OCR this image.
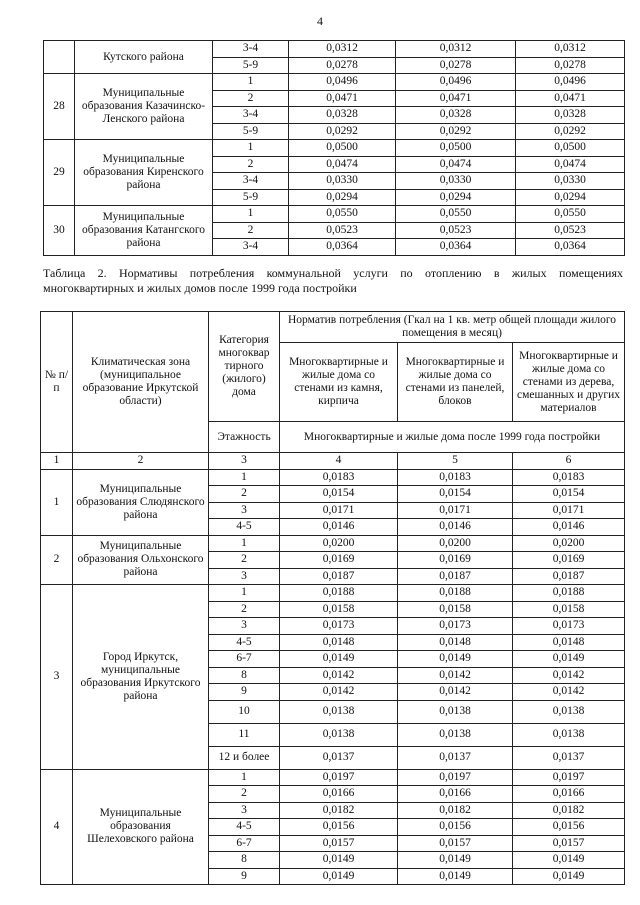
4
	Кутского района	3-4	0,0312	0,0312	0,0312
		5-9	0,0278	0,0278	0,0278
28	Муниципальные образования Казачинско-Ленского района	1	0,0496	0,0496	0,0496
		2	0,0471	0,0471	0,0471
		3-4	0,0328	0,0328	0,0328
		5-9	0,0292	0,0292	0,0292
29	Муниципальные образования Киренского района	1	0,0500	0,0500	0,0500
		2	0,0474	0,0474	0,0474
		3-4	0,0330	0,0330	0,0330
		5-9	0,0294	0,0294	0,0294
30	Муниципальные образования Катангского района	1	0,0550	0,0550	0,0550
		2	0,0523	0,0523	0,0523
		3-4	0,0364	0,0364	0,0364
Таблица 2. Нормативы потребления коммунальной услуги по отоплению в жилых помещениях многоквартирных и жилых домов после 1999 года постройки
№ п/п	Климатическая зона (муниципальное образование Иркутской области)	Категория многоквар тирного (жилого) дома	Норматив потребления (Гкал на 1 кв. метр общей площади жилого помещения в месяц)		
			Многоквартирные и жилые дома со стенами из камня, кирпича	Многоквартирные и жилые дома со стенами из панелей, блоков	Многоквартирные и жилые дома со стенами из дерева, смешанных и других материалов
		Этажность	Многоквартирные и жилые дома после 1999 года постройки		
1	2	3	4	5	6
1	Муниципальные образования Слюдянского района	1	0,0183	0,0183	0,0183
		2	0,0154	0,0154	0,0154
		3	0,0171	0,0171	0,0171
		4-5	0,0146	0,0146	0,0146
2	Муниципальные образования Ольхонского района	1	0,0200	0,0200	0,0200
		2	0,0169	0,0169	0,0169
		3	0,0187	0,0187	0,0187
3	Город Иркутск, муниципальные образования Иркутского района	1	0,0188	0,0188	0,0188
		2	0,0158	0,0158	0,0158
		3	0,0173	0,0173	0,0173
		4-5	0,0148	0,0148	0,0148
		6-7	0,0149	0,0149	0,0149
		8	0,0142	0,0142	0,0142
		9	0,0142	0,0142	0,0142
		10	0,0138	0,0138	0,0138
		11	0,0138	0,0138	0,0138
		12 и более	0,0137	0,0137	0,0137
4	Муниципальные образования Шелеховского района	1	0,0197	0,0197	0,0197
		2	0,0166	0,0166	0,0166
		3	0,0182	0,0182	0,0182
		4-5	0,0156	0,0156	0,0156
		6-7	0,0157	0,0157	0,0157
		8	0,0149	0,0149	0,0149
		9	0,0149	0,0149	0,0149
